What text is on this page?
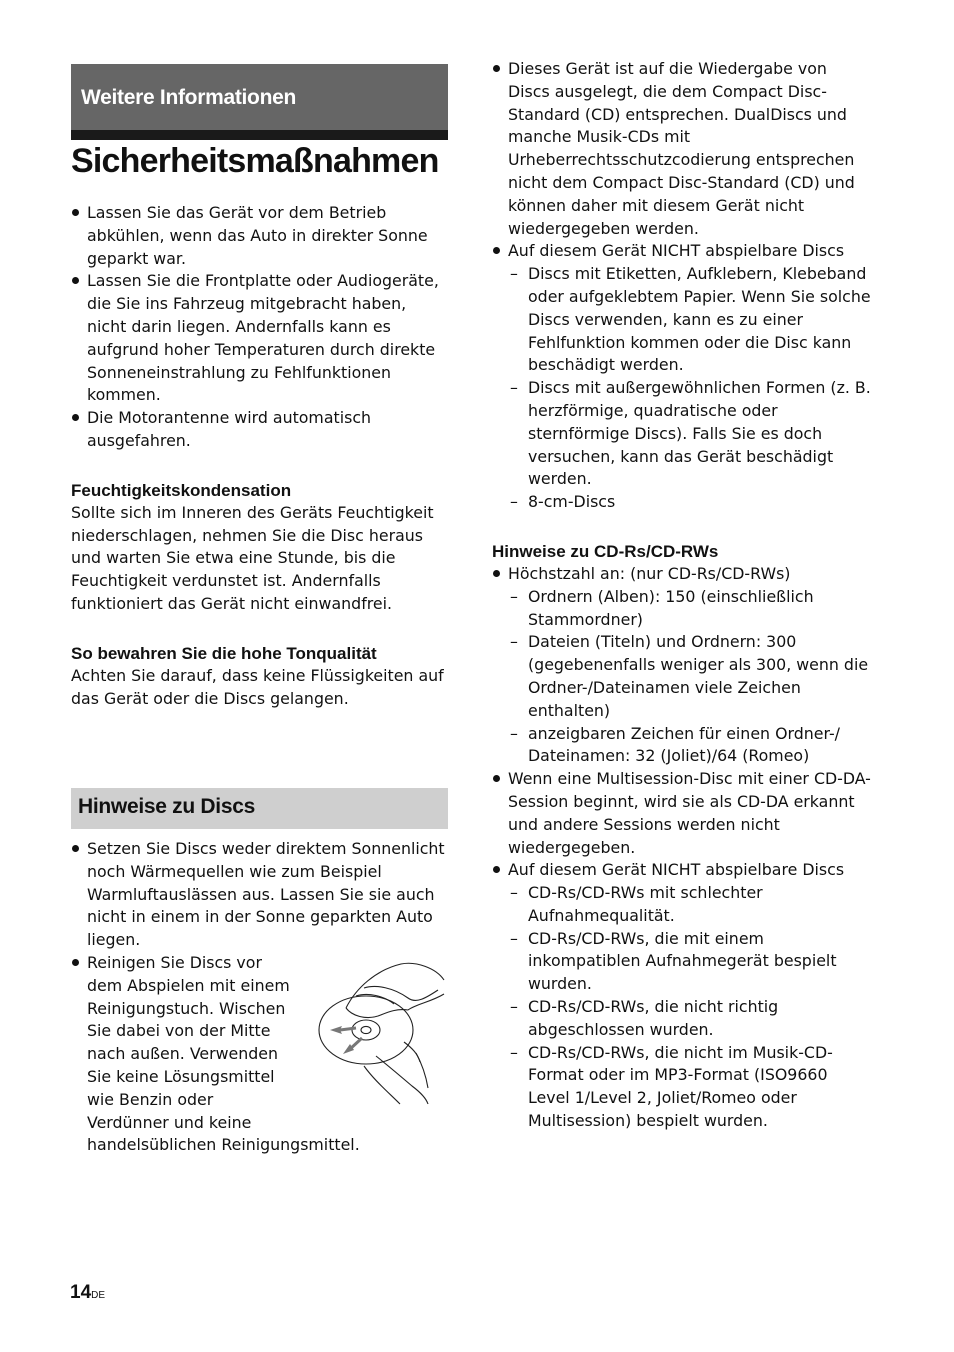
Weitere Informationen
Sicherheitsmaßnahmen
Lassen Sie das Gerät vor dem Betrieb abkühlen, wenn das Auto in direkter Sonne geparkt war.
Lassen Sie die Frontplatte oder Audiogeräte, die Sie ins Fahrzeug mitgebracht haben, nicht darin liegen. Andernfalls kann es aufgrund hoher Temperaturen durch direkte Sonneneinstrahlung zu Fehlfunktionen kommen.
Die Motorantenne wird automatisch ausgefahren.
Feuchtigkeitskondensation

Sollte sich im Inneren des Geräts Feuchtigkeit niederschlagen, nehmen Sie die Disc heraus und warten Sie etwa eine Stunde, bis die Feuchtigkeit verdunstet ist. Andernfalls funktioniert das Gerät nicht einwandfrei.

So bewahren Sie die hohe Tonqualität

Achten Sie darauf, dass keine Flüssigkeiten auf das Gerät oder die Discs gelangen.

Hinweise zu Discs
Setzen Sie Discs weder direktem Sonnenlicht noch Wärmequellen wie zum Beispiel Warmluftauslässen aus. Lassen Sie sie auch nicht in einem in der Sonne geparkten Auto liegen.
Reinigen Sie Discs vor
dem Abspielen mit einem
Reinigungstuch. Wischen
Sie dabei von der Mitte
nach außen. Verwenden
Sie keine Lösungsmittel
wie Benzin oder
Verdünner und keine
handelsüblichen Reinigungsmittel.
Dieses Gerät ist auf die Wiedergabe von Discs ausgelegt, die dem Compact Disc-Standard (CD) entsprechen. DualDiscs und manche Musik-CDs mit Urheberrechtsschutzcodierung entsprechen nicht dem Compact Disc-Standard (CD) und können daher mit diesem Gerät nicht wiedergegeben werden.
Auf diesem Gerät NICHT abspielbare Discs
– Discs mit Etiketten, Aufklebern, Klebeband oder aufgeklebtem Papier. Wenn Sie solche Discs verwenden, kann es zu einer Fehlfunktion kommen oder die Disc kann beschädigt werden.
– Discs mit außergewöhnlichen Formen (z. B. herzförmige, quadratische oder sternförmige Discs). Falls Sie es doch versuchen, kann das Gerät beschädigt werden.
– 8-cm-Discs
Hinweise zu CD-Rs/CD-RWs
Höchstzahl an: (nur CD-Rs/CD-RWs)
– Ordnern (Alben): 150 (einschließlich Stammordner)
– Dateien (Titeln) und Ordnern: 300 (gegebenenfalls weniger als 300, wenn die Ordner-/Dateinamen viele Zeichen enthalten)
– anzeigbaren Zeichen für einen Ordner-/ Dateinamen: 32 (Joliet)/64 (Romeo)
Wenn eine Multisession-Disc mit einer CD-DA-Session beginnt, wird sie als CD-DA erkannt und andere Sessions werden nicht wiedergegeben.
Auf diesem Gerät NICHT abspielbare Discs
– CD-Rs/CD-RWs mit schlechter Aufnahmequalität.
– CD-Rs/CD-RWs, die mit einem inkompatiblen Aufnahmegerät bespielt wurden.
– CD-Rs/CD-RWs, die nicht richtig abgeschlossen wurden.
– CD-Rs/CD-RWs, die nicht im Musik-CD-Format oder im MP3-Format (ISO9660 Level 1/Level 2, Joliet/Romeo oder Multisession) bespielt wurden.
14DE
